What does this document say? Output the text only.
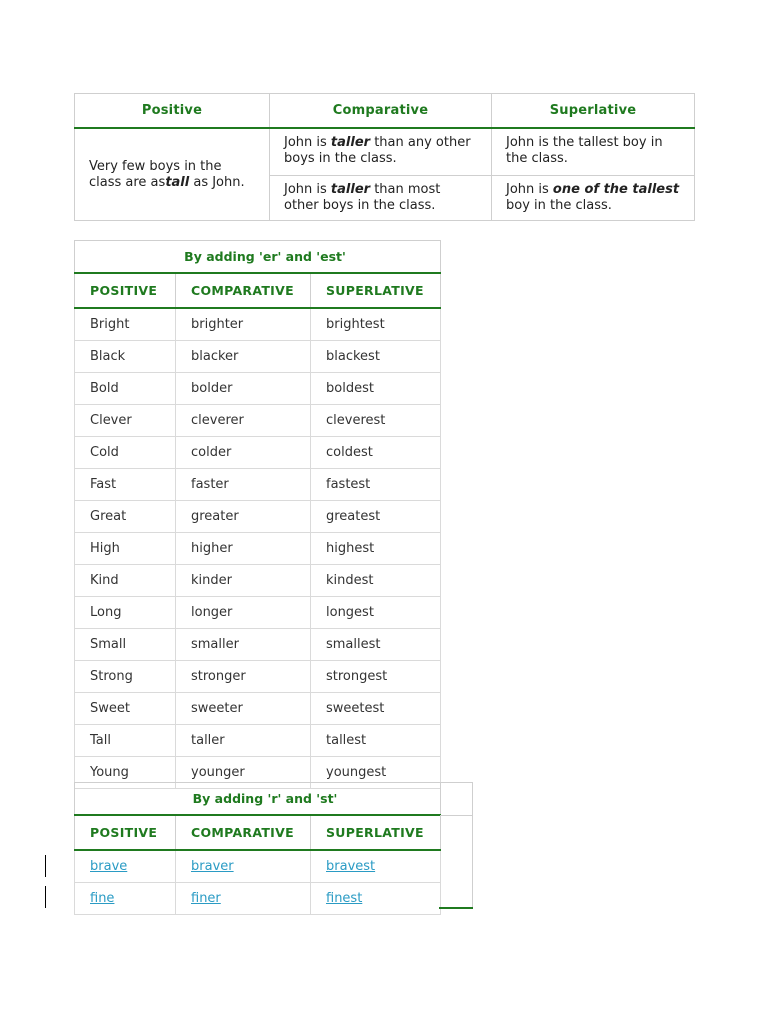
Positive	Comparative	Superlative
Very few boys in the class are astall as John.	John is taller than any other boys in the class.	John is the tallest boy in the class.
	John is taller than most other boys in the class.	John is one of the tallest boy in the class.
By adding 'er' and 'est'		
POSITIVE	COMPARATIVE	SUPERLATIVE
Bright	brighter	brightest
Black	blacker	blackest
Bold	bolder	boldest
Clever	cleverer	cleverest
Cold	colder	coldest
Fast	faster	fastest
Great	greater	greatest
High	higher	highest
Kind	kinder	kindest
Long	longer	longest
Small	smaller	smallest
Strong	stronger	strongest
Sweet	sweeter	sweetest
Tall	taller	tallest
Young	younger	youngest
By adding 'r' and 'st'		
POSITIVE	COMPARATIVE	SUPERLATIVE
brave	braver	bravest
fine	finer	finest
